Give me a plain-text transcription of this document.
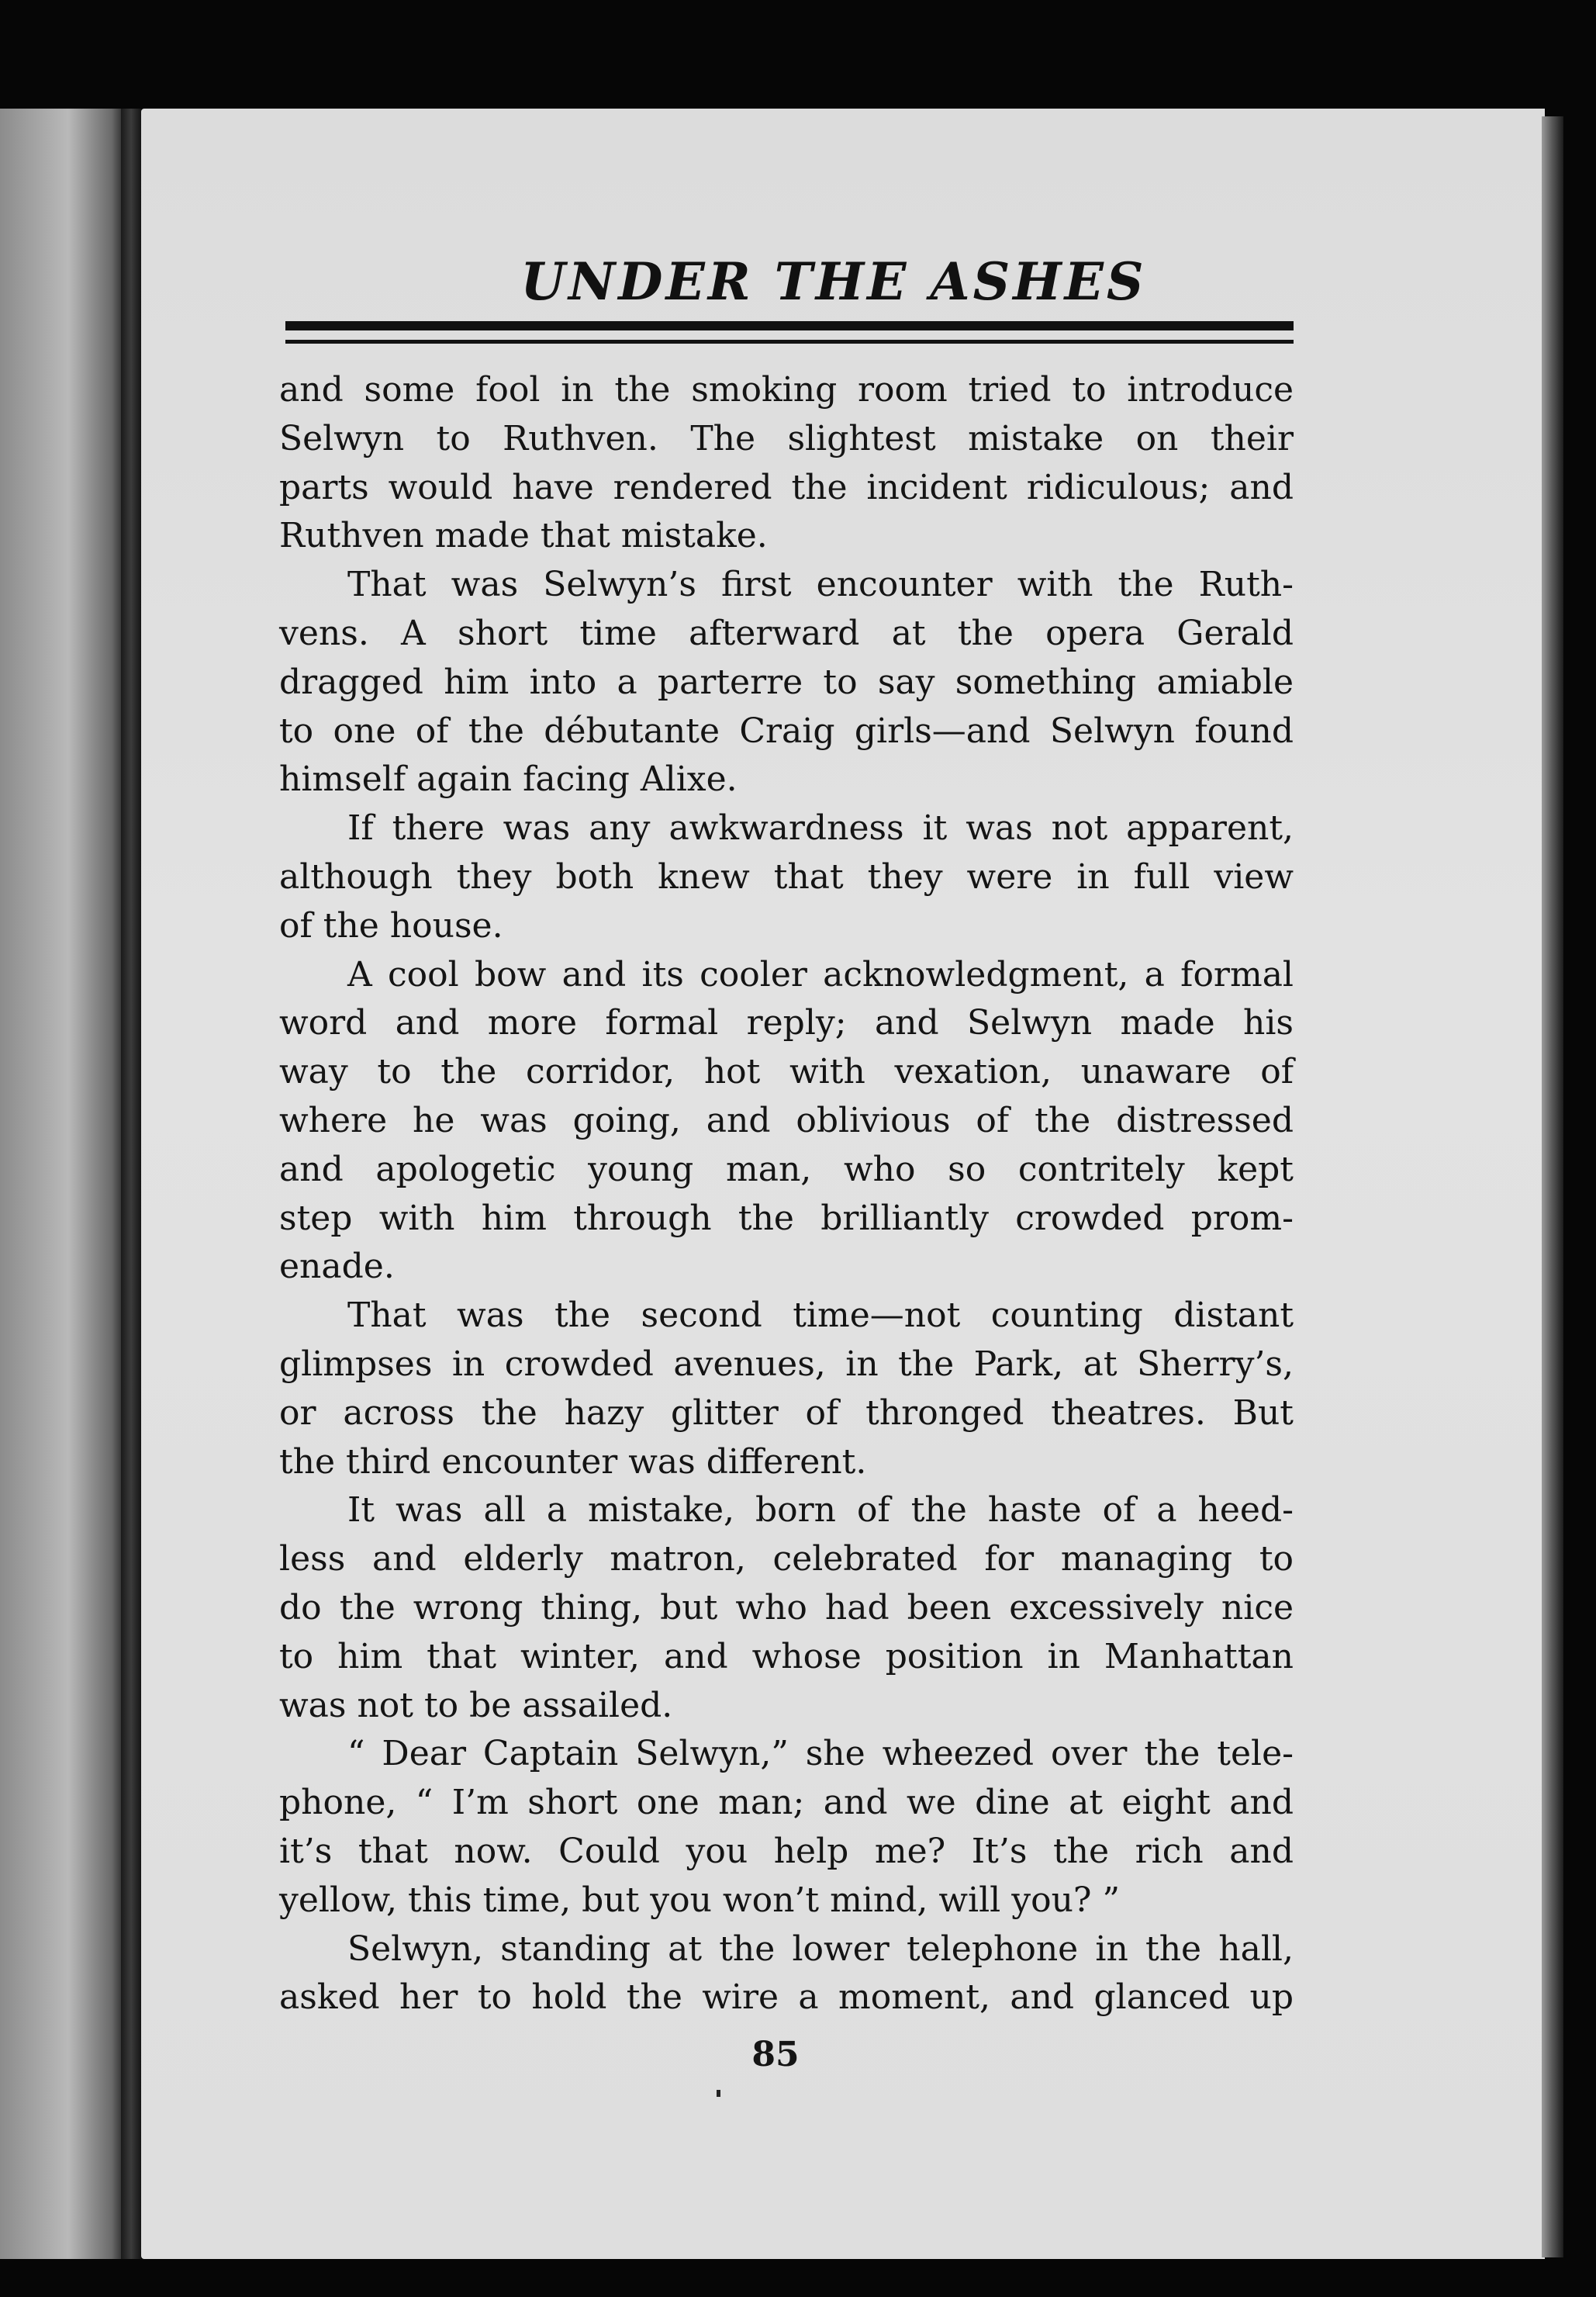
UNDER THE ASHES
and some fool in the smoking room tried to introduce
Selwyn to Ruthven. The slightest mistake on their
parts would have rendered the incident ridiculous; and
Ruthven made that mistake.
That was Selwyn’s first encounter with the Ruth-
vens. A short time afterward at the opera Gerald
dragged him into a parterre to say something amiable
to one of the débutante Craig girls—and Selwyn found
himself again facing Alixe.
If there was any awkwardness it was not apparent,
although they both knew that they were in full view
of the house.
A cool bow and its cooler acknowledgment, a formal
word and more formal reply; and Selwyn made his
way to the corridor, hot with vexation, unaware of
where he was going, and oblivious of the distressed
and apologetic young man, who so contritely kept
step with him through the brilliantly crowded prom-
enade.
That was the second time—not counting distant
glimpses in crowded avenues, in the Park, at Sherry’s,
or across the hazy glitter of thronged theatres. But
the third encounter was different.
It was all a mistake, born of the haste of a heed-
less and elderly matron, celebrated for managing to
do the wrong thing, but who had been excessively nice
to him that winter, and whose position in Manhattan
was not to be assailed.
“ Dear Captain Selwyn,” she wheezed over the tele-
phone, “ I’m short one man; and we dine at eight and
it’s that now. Could you help me? It’s the rich and
yellow, this time, but you won’t mind, will you? ”
Selwyn, standing at the lower telephone in the hall,
asked her to hold the wire a moment, and glanced up
85
